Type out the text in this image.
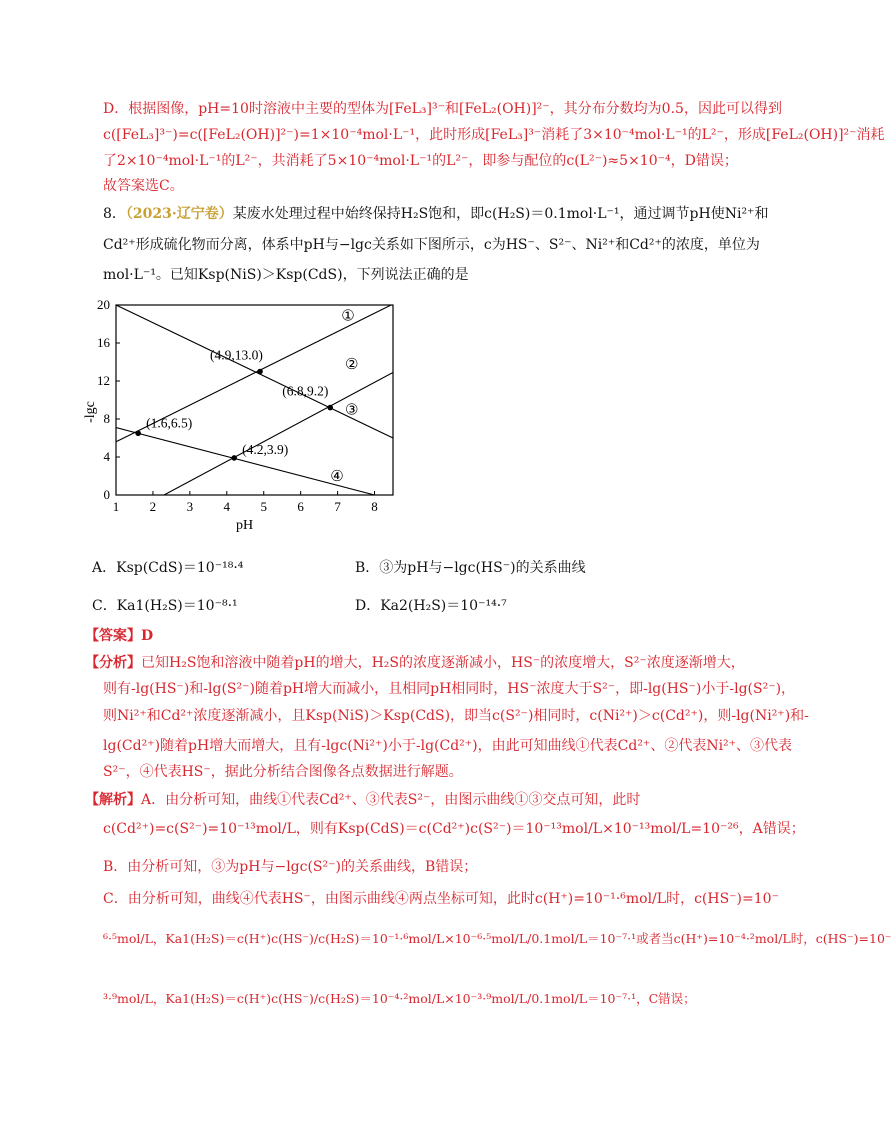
D．根据图像，pH=10时溶液中主要的型体为[FeL₃]³⁻和[FeL₂(OH)]²⁻，其分布分数均为0.5，因此可以得到
c([FeL₃]³⁻)=c([FeL₂(OH)]²⁻)=1×10⁻⁴mol·L⁻¹，此时形成[FeL₃]³⁻消耗了3×10⁻⁴mol·L⁻¹的L²⁻，形成[FeL₂(OH)]²⁻消耗
了2×10⁻⁴mol·L⁻¹的L²⁻，共消耗了5×10⁻⁴mol·L⁻¹的L²⁻，即参与配位的c(L²⁻)≈5×10⁻⁴，D错误；
故答案选C。
8．（2023·辽宁卷）某废水处理过程中始终保持H₂S饱和，即c(H₂S)＝0.1mol·L⁻¹，通过调节pH使Ni²⁺和
Cd²⁺形成硫化物而分离，体系中pH与−lgc关系如下图所示，c为HS⁻、S²⁻、Ni²⁺和Cd²⁺的浓度，单位为
mol·L⁻¹。已知Ksp(NiS)＞Ksp(CdS)，下列说法正确的是
1 2 3 4 5 6 7 8
0
4
8
12
16
20
pH
-lgc
①
②
③
④
(1.6,6.5)
(4.2,3.9)
(4.9,13.0)
(6.8,9.2)
A．Ksp(CdS)＝10⁻¹⁸·⁴	B．③为pH与−lgc(HS⁻)的关系曲线
C．Ka1(H₂S)＝10⁻⁸·¹	D．Ka2(H₂S)＝10⁻¹⁴·⁷
【答案】D
【分析】已知H₂S饱和溶液中随着pH的增大，H₂S的浓度逐渐减小，HS⁻的浓度增大，S²⁻浓度逐渐增大，
则有-lg(HS⁻)和-lg(S²⁻)随着pH增大而减小，且相同pH相同时，HS⁻浓度大于S²⁻，即-lg(HS⁻)小于-lg(S²⁻)，
则Ni²⁺和Cd²⁺浓度逐渐减小，且Ksp(NiS)＞Ksp(CdS)，即当c(S²⁻)相同时，c(Ni²⁺)＞c(Cd²⁺)，则-lg(Ni²⁺)和-
lg(Cd²⁺)随着pH增大而增大，且有-lgc(Ni²⁺)小于-lg(Cd²⁺)，由此可知曲线①代表Cd²⁺、②代表Ni²⁺、③代表
S²⁻，④代表HS⁻，据此分析结合图像各点数据进行解题。
【解析】A．由分析可知，曲线①代表Cd²⁺、③代表S²⁻，由图示曲线①③交点可知，此时
c(Cd²⁺)=c(S²⁻)=10⁻¹³mol/L，则有Ksp(CdS)＝c(Cd²⁺)c(S²⁻)＝10⁻¹³mol/L×10⁻¹³mol/L=10⁻²⁶，A错误；
B．由分析可知，③为pH与−lgc(S²⁻)的关系曲线，B错误；
C．由分析可知，曲线④代表HS⁻，由图示曲线④两点坐标可知，此时c(H⁺)=10⁻¹·⁶mol/L时，c(HS⁻)=10⁻
⁶·⁵mol/L，Ka1(H₂S)＝c(H⁺)c(HS⁻)/c(H₂S)＝10⁻¹·⁶mol/L×10⁻⁶·⁵mol/L/0.1mol/L＝10⁻⁷·¹或者当c(H⁺)=10⁻⁴·²mol/L时，c(HS⁻)=10⁻
³·⁹mol/L，Ka1(H₂S)＝c(H⁺)c(HS⁻)/c(H₂S)＝10⁻⁴·²mol/L×10⁻³·⁹mol/L/0.1mol/L＝10⁻⁷·¹，C错误；
